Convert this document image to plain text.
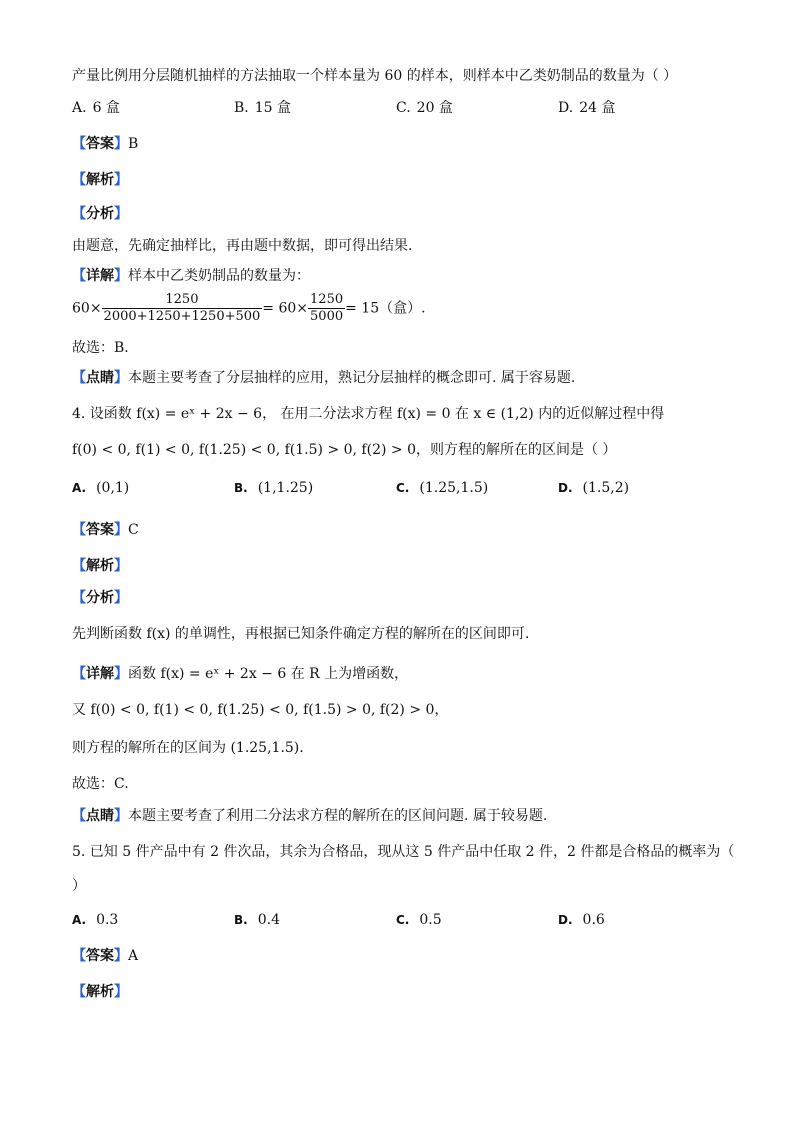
产量比例用分层随机抽样的方法抽取一个样本量为 60 的样本，则样本中乙类奶制品的数量为（ ）
A. 6 盒	B. 15 盒	C. 20 盒	D. 24 盒
【答案】B
【解析】
【分析】
由题意，先确定抽样比，再由题中数据，即可得出结果.
【详解】样本中乙类奶制品的数量为：
$60\times \frac{1250}{2000+1250+1250+500} = 60\times \frac{1250}{5000} = 15$（盒）.
故选：B.
【点睛】本题主要考查了分层抽样的应用，熟记分层抽样的概念即可. 属于容易题.
4. 设函数 f(x) = eˣ + 2x − 6， 在用二分法求方程 f(x) = 0 在 x ∈ (1,2) 内的近似解过程中得
f(0) < 0, f(1) < 0, f(1.25) < 0, f(1.5) > 0, f(2) > 0，则方程的解所在的区间是（ ）
A. (0,1)	B. (1,1.25)	C. (1.25,1.5)	D. (1.5,2)
【答案】C
【解析】
【分析】
先判断函数 f(x) 的单调性，再根据已知条件确定方程的解所在的区间即可.
【详解】函数 f(x) = eˣ + 2x − 6 在 R 上为增函数，
又 f(0) < 0, f(1) < 0, f(1.25) < 0, f(1.5) > 0, f(2) > 0，
则方程的解所在的区间为 (1.25,1.5).
故选：C.
【点睛】本题主要考查了利用二分法求方程的解所在的区间问题. 属于较易题.
5. 已知 5 件产品中有 2 件次品，其余为合格品，现从这 5 件产品中任取 2 件，2 件都是合格品的概率为（
）
A. 0.3	B. 0.4	C. 0.5	D. 0.6
【答案】A
【解析】
